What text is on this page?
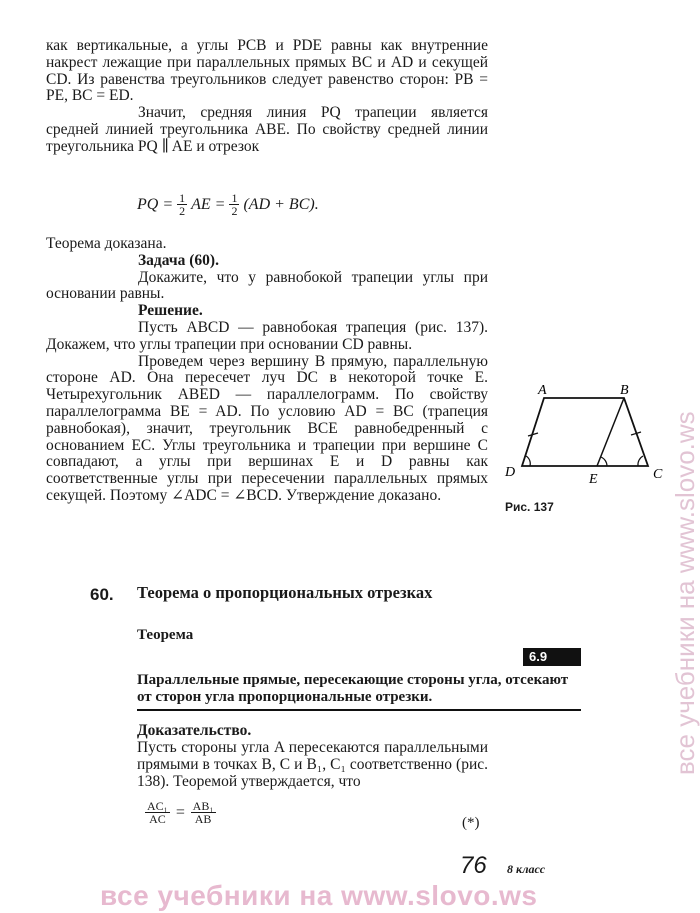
как вертикальные, а углы PCB и PDE равны как внутренние накрест лежащие при параллельных прямых BC и AD и секущей CD. Из равенства треугольников следует равенство сторон: PB = PE, BC = ED.

Значит, средняя линия PQ трапеции является средней линией треугольника ABE. По свойству средней линии треугольника PQ ∥ AE и отрезок

PQ = $\frac{1}{2}$ AE = $\frac{1}{2} (AD + BC)$.

Теорема доказана.

Задача (60).

Докажите, что у равнобокой трапеции углы при основании равны.

Решение.

Пусть ABCD — равнобокая трапеция (рис. 137). Докажем, что углы трапеции при основании CD равны.

Проведем через вершину B прямую, параллельную стороне AD. Она пересечет луч DC в некоторой точке E. Четырехугольник ABED — параллелограмм. По свойству параллелограмма BE = AD. По условию AD = BC (трапеция равнобокая), значит, треугольник BCE равнобедренный с основанием EC. Углы треугольника и трапеции при вершине C совпадают, а углы при вершинах E и D равны как соответственные углы при пересечении параллельных прямых секущей. Поэтому ∠ADC = ∠BCD. Утверждение доказано.

A	B
C
D	E
Рис. 137
60. Теорема о пропорциональных отрезках
Теорема
6.9
Параллельные прямые, пересекающие стороны угла, отсекают от сторон угла пропорциональные отрезки.

Доказательство.

Пусть стороны угла A пересекаются параллельными прямыми в точках B, C и B₁, C₁ соответственно (рис. 138). Теоремой утверждается, что

$\frac{\text{AC₁}}{AC} = \frac{\text{AB₁}}{AB}$	(*)
76 8 класс
все учебники на www.slovo.ws
все учебники на www.slovo.ws
